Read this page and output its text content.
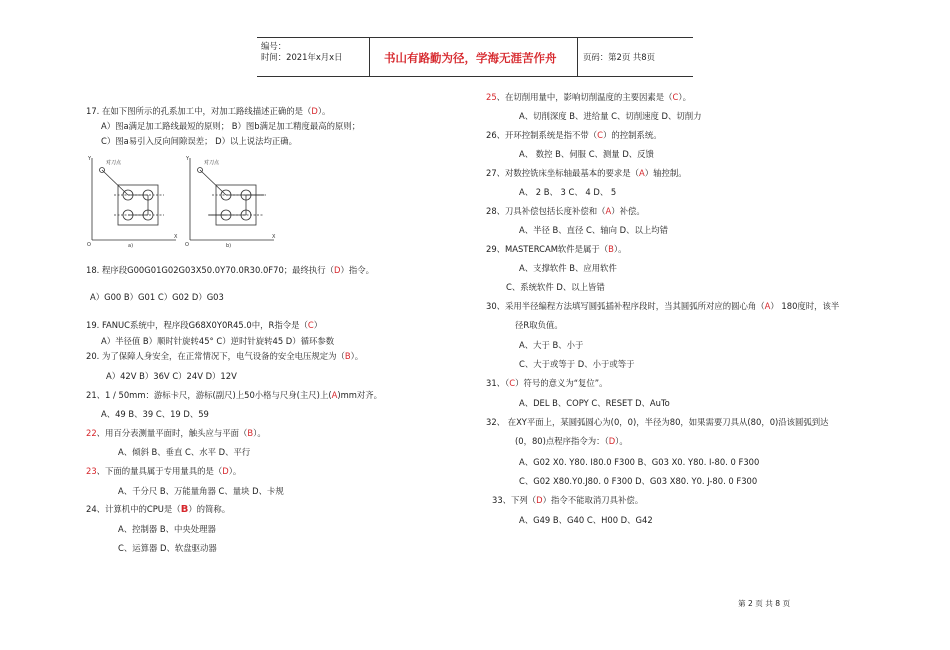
编号：
时间：2021年x月x日	书山有路勤为径，学海无涯苦作舟	页码：第2页 共8页
17. 在如下图所示的孔系加工中，对加工路线描述正确的是（D）。
A）图a满足加工路线最短的原则； B）图b满足加工精度最高的原则；
C）图a易引入反向间隙误差； D）以上说法均正确。
对刀点	对刀点
Y	Y
X	X
O	O
a)	b)
18. 程序段G00G01G02G03X50.0Y70.0R30.0F70；最终执行（D）指令。
A）G00 B）G01 C）G02 D）G03
19. FANUC系统中，程序段G68X0Y0R45.0中，R指令是（C）
A）半径值 B）顺时针旋转45° C）逆时针旋转45 D）循环参数
20. 为了保障人身安全，在正常情况下，电气设备的安全电压规定为（B）。
A）42V B）36V C）24V D）12V
21、1 / 50mm：游标卡尺，游标(副尺)上50小格与尺身(主尺)上(A)mm对齐。
A、49 B、39 C、19 D、59
22、用百分表测量平面时，触头应与平面（B）。
A、倾斜 B、垂直 C、水平 D、平行
23、下面的量具属于专用量具的是（D）。
A、千分尺 B、万能量角器 C、量块 D、卡规
24、计算机中的CPU是（B）的简称。
A、控制器 B、中央处理器
C、运算器 D、软盘驱动器
25、在切削用量中，影响切削温度的主要因素是（C）。
A、切削深度 B、进给量 C、切削速度 D、切削力
26、开环控制系统是指不带（C）的控制系统。
A、 数控 B、伺服 C、测量 D、反馈
27、对数控铣床坐标轴最基本的要求是（A）轴控制。
A、 2 B、 3 C、 4 D、 5
28、刀具补偿包括长度补偿和（A）补偿。
A、半径 B、直径 C、轴向 D、以上均错
29、MASTERCAM软件是属于（B）。
A、支撑软件 B、应用软件
C、系统软件 D、以上皆错
30、采用半径编程方法填写圆弧插补程序段时，当其圆弧所对应的圆心角（A） 180度时，该半
径R取负值。
A、大于 B、小于
C、大于或等于 D、小于或等于
31、（C）符号的意义为“复位”。
A、DEL B、COPY C、RESET D、AuTo
32、 在XY平面上，某圆弧圆心为(0，0)，半径为80，如果需要刀具从(80，0)沿该圆弧到达
(0，80)点程序指令为：（D）。
A、G02 X0. Y80. I80.0 F300 B、G03 X0. Y80. I-80. 0 F300
C、G02 X80.Y0.J80. 0 F300 D、G03 X80. Y0. J-80. 0 F300
33、下列（D）指令不能取消刀具补偿。
A、G49 B、G40 C、H00 D、G42
第 2 页 共 8 页
